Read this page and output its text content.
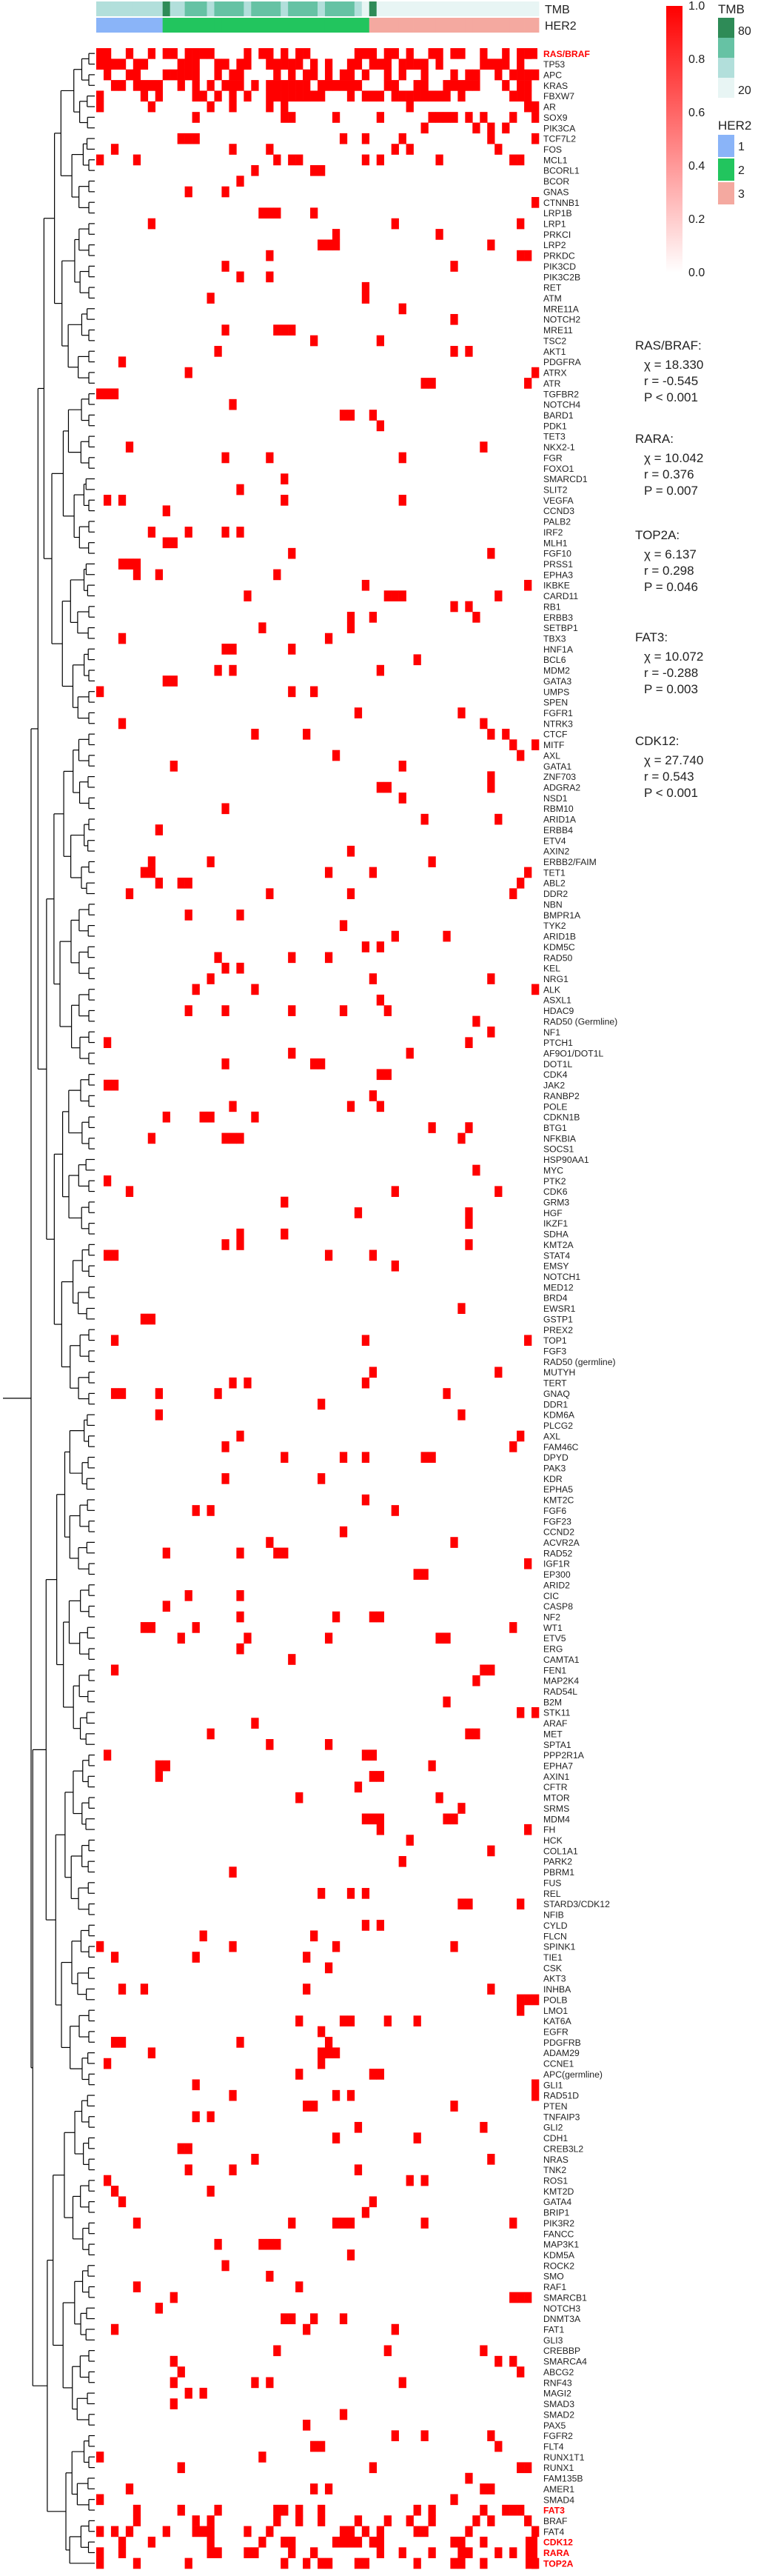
TMB
HER2
RAS/BRAF
TP53
APC
KRAS
FBXW7
AR
SOX9
PIK3CA
TCF7L2
FOS
MCL1
BCORL1
BCOR
GNAS
CTNNB1
LRP1B
LRP1
PRKCI
LRP2
PRKDC
PIK3CD
PIK3C2B
RET
ATM
MRE11A
NOTCH2
MRE11
TSC2
AKT1
PDGFRA
ATRX
ATR
TGFBR2
NOTCH4
BARD1
PDK1
TET3
NKX2-1
FGR
FOXO1
SMARCD1
SLIT2
VEGFA
CCND3
PALB2
IRF2
MLH1
FGF10
PRSS1
EPHA3
IKBKE
CARD11
RB1
ERBB3
SETBP1
TBX3
HNF1A
BCL6
MDM2
GATA3
UMPS
SPEN
FGFR1
NTRK3
CTCF
MITF
AXL
GATA1
ZNF703
ADGRA2
NSD1
RBM10
ARID1A
ERBB4
ETV4
AXIN2
ERBB2/FAIM
TET1
ABL2
DDR2
NBN
BMPR1A
TYK2
ARID1B
KDM5C
RAD50
KEL
NRG1
ALK
ASXL1
HDAC9
RAD50 (Germline)
NF1
PTCH1
AF9O1/DOT1L
DOT1L
CDK4
JAK2
RANBP2
POLE
CDKN1B
BTG1
NFKBIA
SOCS1
HSP90AA1
MYC
PTK2
CDK6
GRM3
HGF
IKZF1
SDHA
KMT2A
STAT4
EMSY
NOTCH1
MED12
BRD4
EWSR1
GSTP1
PREX2
TOP1
FGF3
RAD50 (germline)
MUTYH
TERT
GNAQ
DDR1
KDM6A
PLCG2
AXL
FAM46C
DPYD
PAK3
KDR
EPHA5
KMT2C
FGF6
FGF23
CCND2
ACVR2A
RAD52
IGF1R
EP300
ARID2
CIC
CASP8
NF2
WT1
ETV5
ERG
CAMTA1
FEN1
MAP2K4
RAD54L
B2M
STK11
ARAF
MET
SPTA1
PPP2R1A
EPHA7
AXIN1
CFTR
MTOR
SRMS
MDM4
FH
HCK
COL1A1
PARK2
PBRM1
FUS
REL
STARD3/CDK12
NFIB
CYLD
FLCN
SPINK1
TIE1
CSK
AKT3
INHBA
POLB
LMO1
KAT6A
EGFR
PDGFRB
ADAM29
CCNE1
APC(germline)
GLI1
RAD51D
PTEN
TNFAIP3
GLI2
CDH1
CREB3L2
NRAS
TNK2
ROS1
KMT2D
GATA4
BRIP1
PIK3R2
FANCC
MAP3K1
KDM5A
ROCK2
SMO
RAF1
SMARCB1
NOTCH3
DNMT3A
FAT1
GLI3
CREBBP
SMARCA4
ABCG2
RNF43
MAGI2
SMAD3
SMAD2
PAX5
FGFR2
FLT4
RUNX1T1
RUNX1
FAM135B
AMER1
SMAD4
FAT3
BRAF
FAT4
CDK12
RARA
TOP2A
0.0
0.2
0.4
0.6
0.8
1.0 TMB
80
20
HER2
1
2
3
RAS/BRAF:
χ = 18.330
r = -0.545
P < 0.001
RARA:
χ = 10.042
r = 0.376
P = 0.007
TOP2A:
χ = 6.137
r = 0.298
P = 0.046
FAT3:
χ = 10.072
r = -0.288
P = 0.003
CDK12:
χ = 27.740
r = 0.543
P < 0.001
